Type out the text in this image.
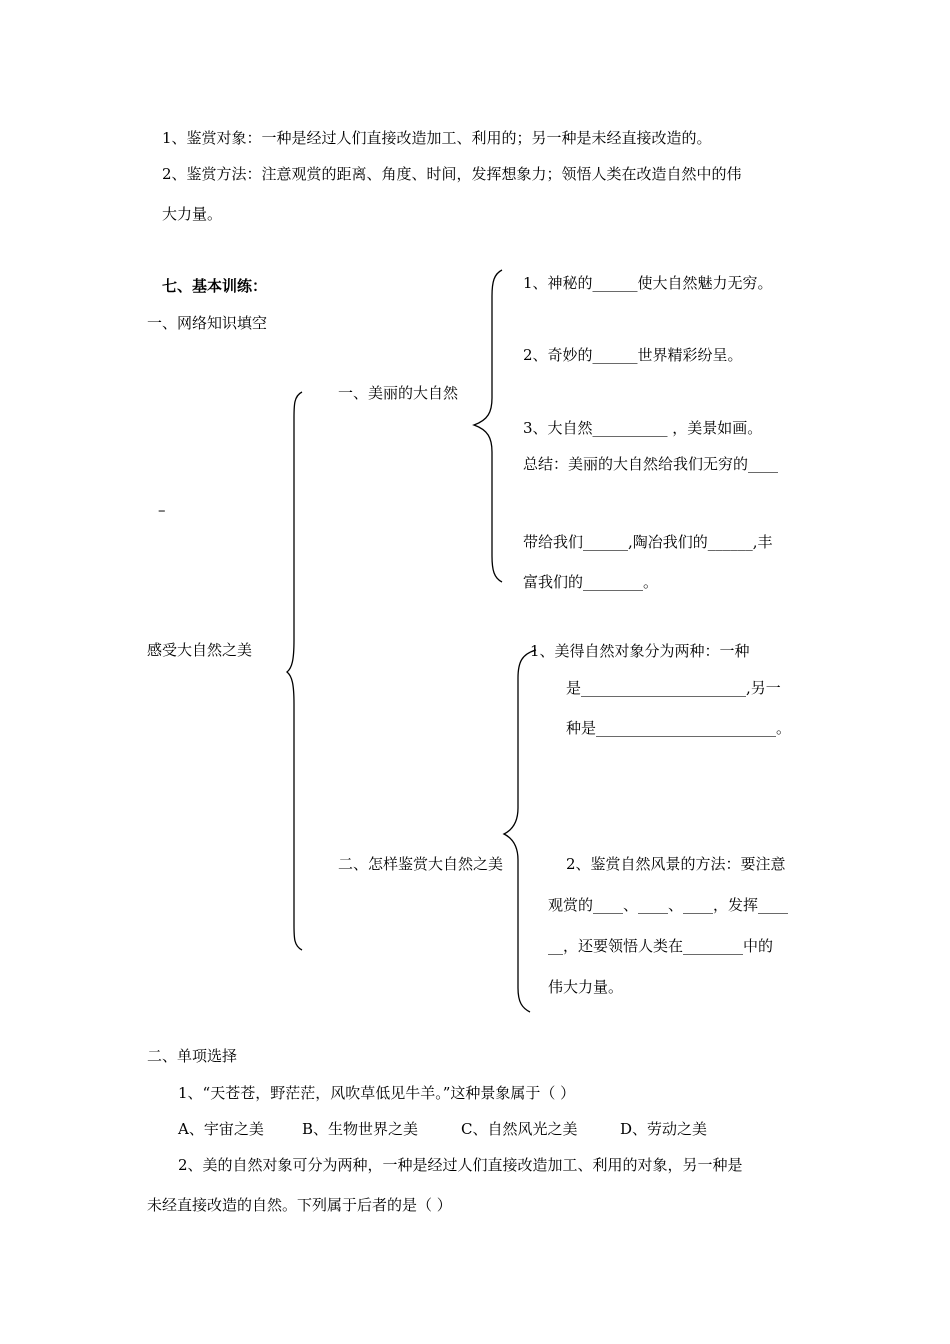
1、鉴赏对象：一种是经过人们直接改造加工、利用的；另一种是未经直接改造的。
2、鉴赏方法：注意观赏的距离、角度、时间，发挥想象力；领悟人类在改造自然中的伟
大力量。
七、基本训练：
一、网络知识填空
–
感受大自然之美
一、美丽的大自然
1、神秘的______使大自然魅力无穷。
2、奇妙的______世界精彩纷呈。
3、大自然__________ ，美景如画。
总结：美丽的大自然给我们无穷的____
带给我们______,陶冶我们的______,丰
富我们的________。
二、怎样鉴赏大自然之美
1、美得自然对象分为两种：一种
是______________________,另一
种是________________________。
2、鉴赏自然风景的方法：要注意
观赏的____、____、____，发挥____
__，还要领悟人类在________中的
伟大力量。
二、单项选择
1、“天苍苍，野茫茫，风吹草低见牛羊。”这种景象属于（ ）
A、宇宙之美	B、生物世界之美	C、自然风光之美	D、劳动之美
2、美的自然对象可分为两种，一种是经过人们直接改造加工、利用的对象，另一种是
未经直接改造的自然。下列属于后者的是（ ）
